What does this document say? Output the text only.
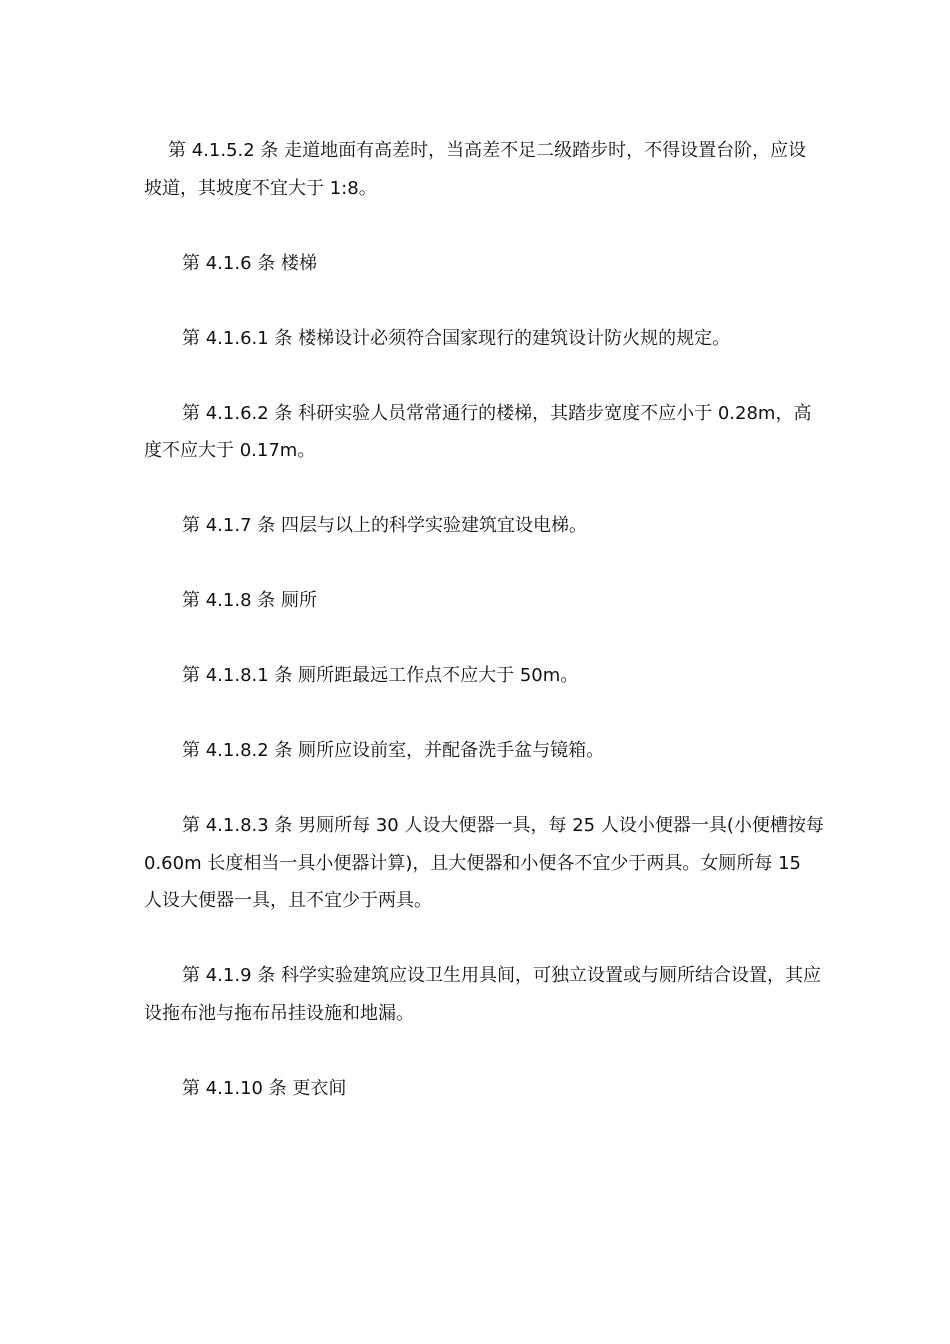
第 4.1.5.2 条 走道地面有高差时，当高差不足二级踏步时，不得设置台阶，应设坡道，其坡度不宜大于 1:8。

第 4.1.6 条 楼梯

第 4.1.6.1 条 楼梯设计必须符合国家现行的建筑设计防火规的规定。

第 4.1.6.2 条 科研实验人员常常通行的楼梯，其踏步宽度不应小于 0.28m，高度不应大于 0.17m。

第 4.1.7 条 四层与以上的科学实验建筑宜设电梯。

第 4.1.8 条 厕所

第 4.1.8.1 条 厕所距最远工作点不应大于 50m。

第 4.1.8.2 条 厕所应设前室，并配备洗手盆与镜箱。

第 4.1.8.3 条 男厕所每 30 人设大便器一具，每 25 人设小便器一具(小便槽按每 0.60m 长度相当一具小便器计算)，且大便器和小便各不宜少于两具。女厕所每 15 人设大便器一具，且不宜少于两具。

第 4.1.9 条 科学实验建筑应设卫生用具间，可独立设置或与厕所结合设置，其应设拖布池与拖布吊挂设施和地漏。

第 4.1.10 条 更衣间
